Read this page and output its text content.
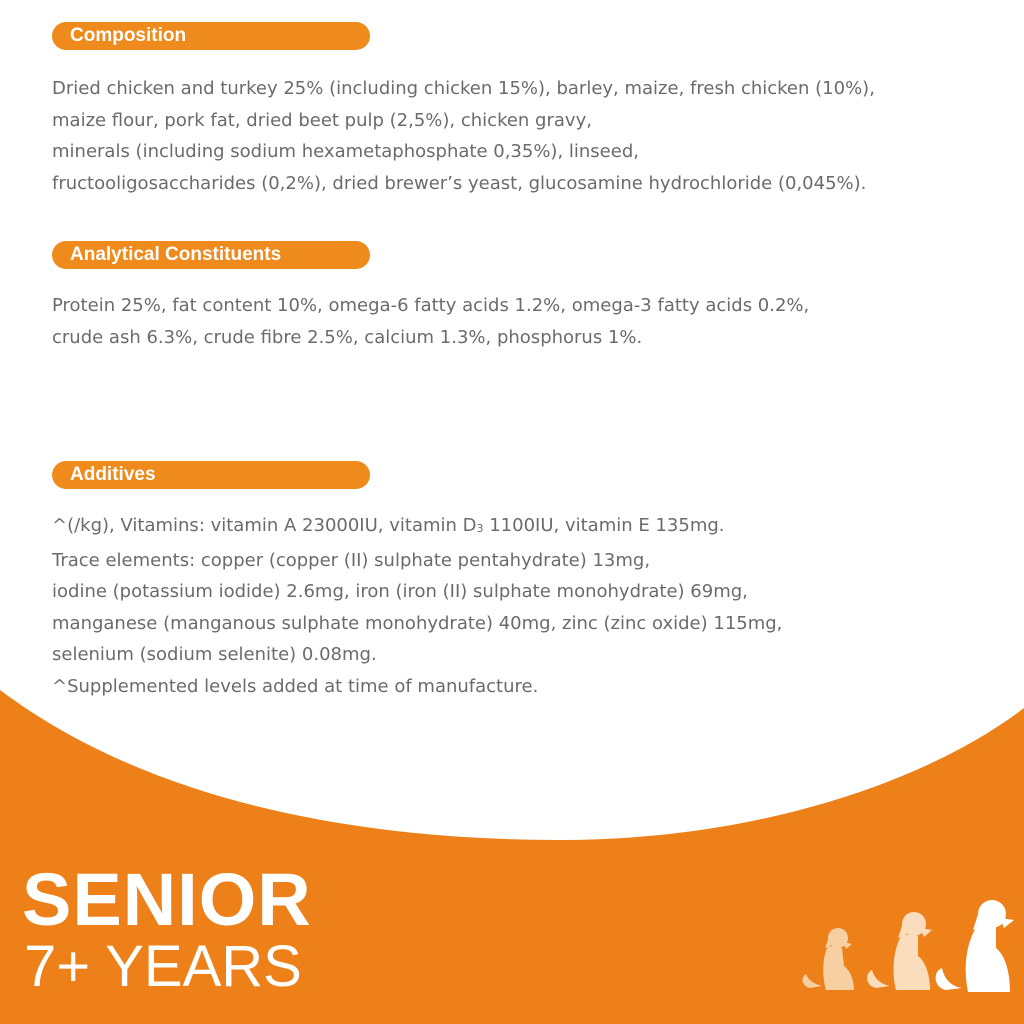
Composition

Dried chicken and turkey 25% (including chicken 15%), barley, maize, fresh chicken (10%),

maize flour, pork fat, dried beet pulp (2,5%), chicken gravy,

minerals (including sodium hexametaphosphate 0,35%), linseed,

fructooligosaccharides (0,2%), dried brewer’s yeast, glucosamine hydrochloride (0,045%).

Analytical Constituents

Protein 25%, fat content 10%, omega-6 fatty acids 1.2%, omega-3 fatty acids 0.2%,

crude ash 6.3%, crude fibre 2.5%, calcium 1.3%, phosphorus 1%.

Additives

^(/kg), Vitamins: vitamin A 23000IU, vitamin $D_3$ 1100IU, vitamin E 135mg.

Trace elements: copper (copper (II) sulphate pentahydrate) 13mg,

iodine (potassium iodide) 2.6mg, iron (iron (II) sulphate monohydrate) 69mg,

manganese (manganous sulphate monohydrate) 40mg, zinc (zinc oxide) 115mg,

selenium (sodium selenite) 0.08mg.

^Supplemented levels added at time of manufacture.

SENIOR
7+ YEARS
